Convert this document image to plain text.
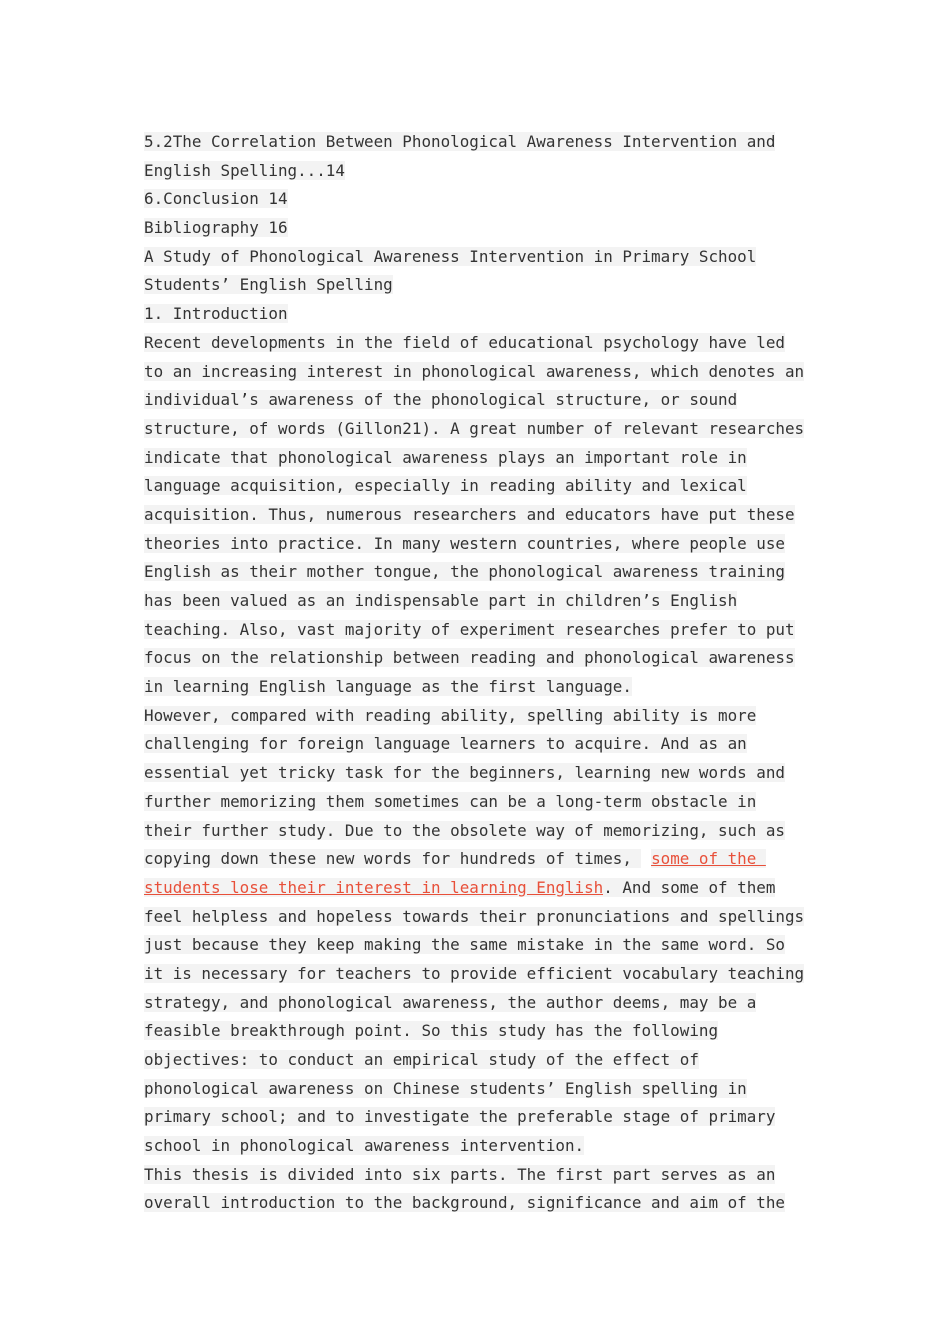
5.2The Correlation Between Phonological Awareness Intervention and
English Spelling...14
6.Conclusion 14
Bibliography 16
A Study of Phonological Awareness Intervention in Primary School
Students’ English Spelling
1. Introduction
Recent developments in the field of educational psychology have led
to an increasing interest in phonological awareness, which denotes an
individual’s awareness of the phonological structure, or sound
structure, of words (Gillon21). A great number of relevant researches
indicate that phonological awareness plays an important role in
language acquisition, especially in reading ability and lexical
acquisition. Thus, numerous researchers and educators have put these
theories into practice. In many western countries, where people use
English as their mother tongue, the phonological awareness training
has been valued as an indispensable part in children’s English
teaching. Also, vast majority of experiment researches prefer to put
focus on the relationship between reading and phonological awareness
in learning English language as the first language.
However, compared with reading ability, spelling ability is more
challenging for foreign language learners to acquire. And as an
essential yet tricky task for the beginners, learning new words and
further memorizing them sometimes can be a long-term obstacle in
their further study. Due to the obsolete way of memorizing, such as
copying down these new words for hundreds of times,  some of the
students lose their interest in learning English. And some of them
feel helpless and hopeless towards their pronunciations and spellings
just because they keep making the same mistake in the same word. So
it is necessary for teachers to provide efficient vocabulary teaching
strategy, and phonological awareness, the author deems, may be a
feasible breakthrough point. So this study has the following
objectives: to conduct an empirical study of the effect of
phonological awareness on Chinese students’ English spelling in
primary school; and to investigate the preferable stage of primary
school in phonological awareness intervention.
This thesis is divided into six parts. The first part serves as an
overall introduction to the background, significance and aim of the
